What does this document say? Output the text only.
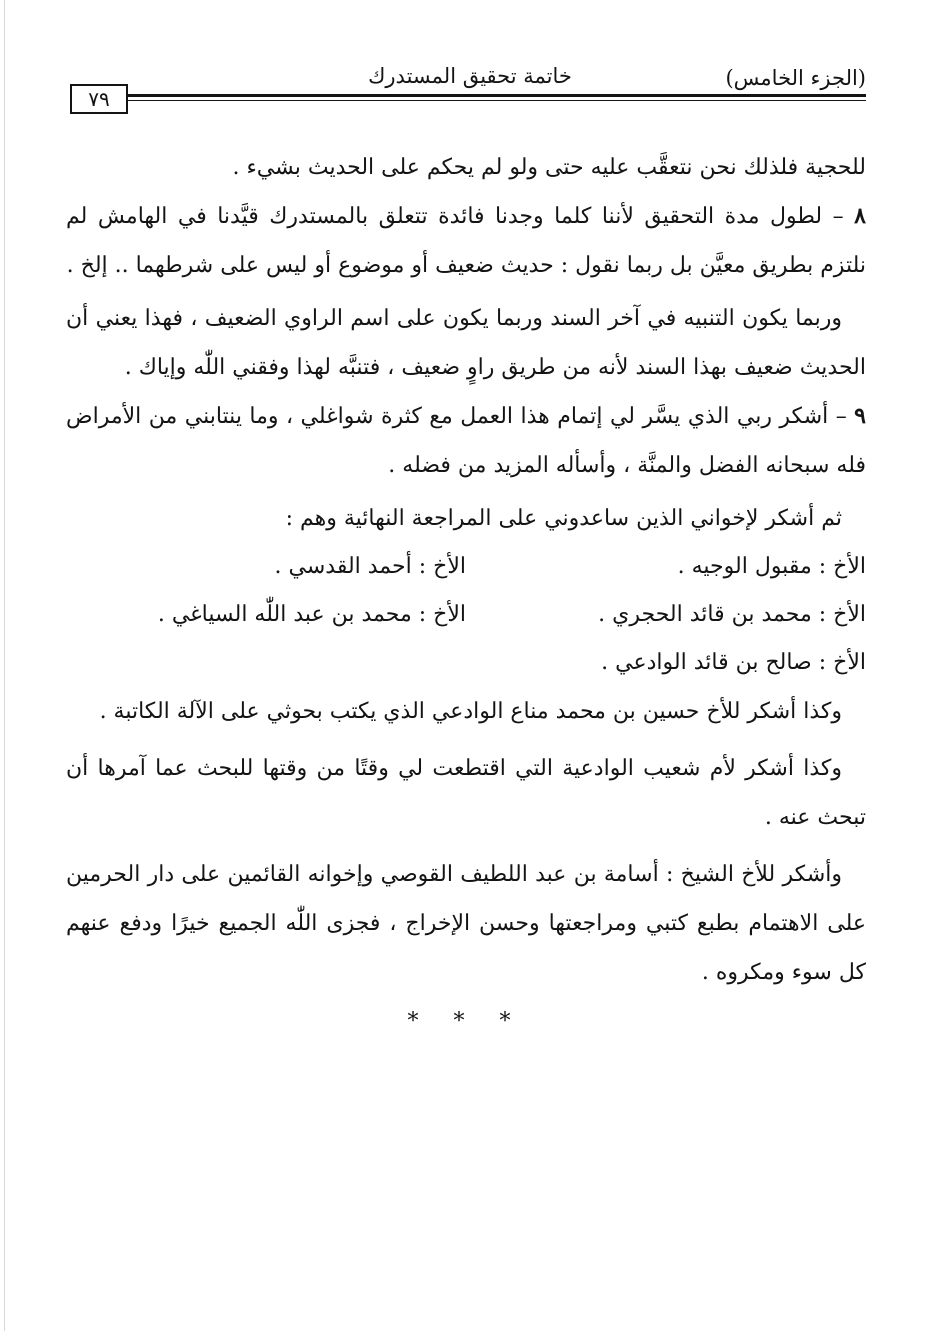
٧٩
خاتمة تحقيق المستدرك	(الجزء الخامس)

للحجية فلذلك نحن نتعقَّب عليه حتى ولو لم يحكم على الحديث بشيء .

٨ – لطول مدة التحقيق لأننا كلما وجدنا فائدة تتعلق بالمستدرك قيَّدنا في الهامش لم نلتزم بطريق معيَّن بل ربما نقول : حديث ضعيف أو موضوع أو ليس على شرطهما .. إلخ .

وربما يكون التنبيه في آخر السند وربما يكون على اسم الراوي الضعيف ، فهذا يعني أن الحديث ضعيف بهذا السند لأنه من طريق راوٍ ضعيف ، فتنبَّه لهذا وفقني اللّٰه وإياك .

٩ – أشكر ربي الذي يسَّر لي إتمام هذا العمل مع كثرة شواغلي ، وما ينتابني من الأمراض فله سبحانه الفضل والمنَّة ، وأسأله المزيد من فضله .

ثم أشكر لإخواني الذين ساعدوني على المراجعة النهائية وهم :

الأخ : مقبول الوجيه .
الأخ : أحمد القدسي .
الأخ : محمد بن قائد الحجري .
الأخ : محمد بن عبد اللّٰه السياغي .
الأخ : صالح بن قائد الوادعي .

وكذا أشكر للأخ حسين بن محمد مناع الوادعي الذي يكتب بحوثي على الآلة الكاتبة .

وكذا أشكر لأم شعيب الوادعية التي اقتطعت لي وقتًا من وقتها للبحث عما آمرها أن تبحث عنه .

وأشكر للأخ الشيخ : أسامة بن عبد اللطيف القوصي وإخوانه القائمين على دار الحرمين على الاهتمام بطبع كتبي ومراجعتها وحسن الإخراج ، فجزى اللّٰه الجميع خيرًا ودفع عنهم كل سوء ومكروه .

* * *
